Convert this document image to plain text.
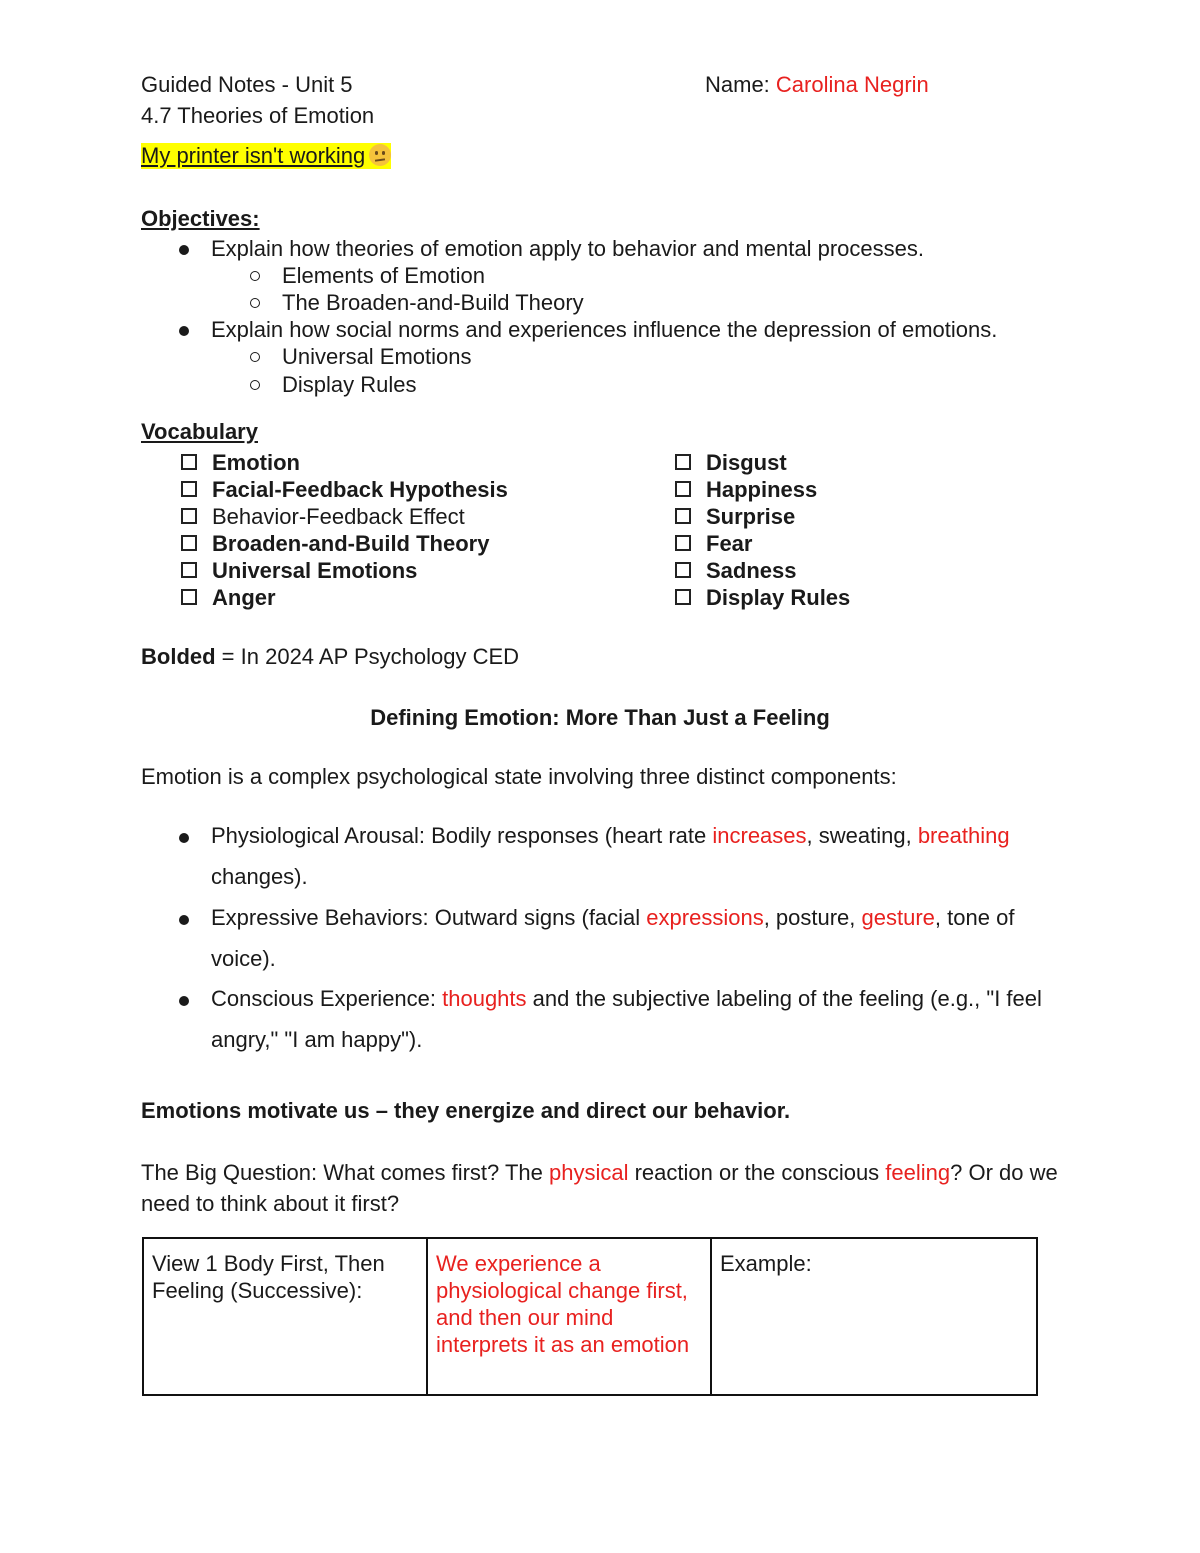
Guided Notes - Unit 5
4.7 Theories of Emotion
Name: Carolina Negrin
My printer isn't working
Objectives:
Explain how theories of emotion apply to behavior and mental processes.
Elements of Emotion
The Broaden-and-Build Theory
Explain how social norms and experiences influence the depression of emotions.
Universal Emotions
Display Rules
Vocabulary
Emotion
Facial-Feedback Hypothesis
Behavior-Feedback Effect
Broaden-and-Build Theory
Universal Emotions
Anger
Disgust
Happiness
Surprise
Fear
Sadness
Display Rules
Bolded = In 2024 AP Psychology CED
Defining Emotion: More Than Just a Feeling
Emotion is a complex psychological state involving three distinct components:
Physiological Arousal: Bodily responses (heart rate increases, sweating, breathing changes).
Expressive Behaviors: Outward signs (facial expressions, posture, gesture, tone of voice).
Conscious Experience: thoughts and the subjective labeling of the feeling (e.g., "I feel angry," "I am happy").
Emotions motivate us – they energize and direct our behavior.
The Big Question: What comes first? The physical reaction or the conscious feeling? Or do we need to think about it first?
View 1 Body First, Then Feeling (Successive):	We experience a physiological change first, and then our mind interprets it as an emotion	Example:
